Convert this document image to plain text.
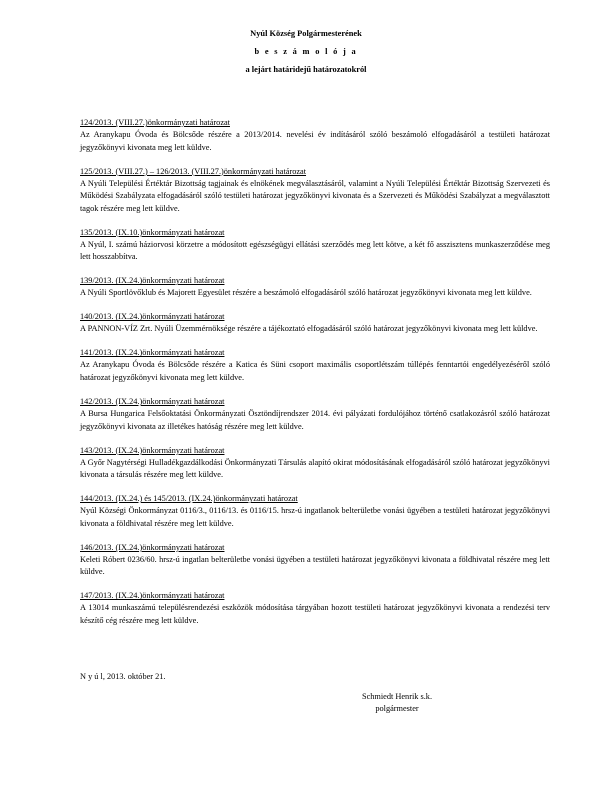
Nyúl Község Polgármesterének
b e s z á m o l ó j a
a lejárt határidejű határozatokról
124/2013. (VIII.27.)önkormányzati határozat
Az Aranykapu Óvoda és Bölcsőde részére a 2013/2014. nevelési év indításáról szóló beszámoló elfogadásáról a testületi határozat jegyzőkönyvi kivonata meg lett küldve.
125/2013. (VIII.27.) – 126/2013. (VIII.27.)önkormányzati határozat
A Nyúli Települési Értéktár Bizottság tagjainak és elnökének megválasztásáról, valamint a Nyúli Települési Értéktár Bizottság Szervezeti és Működési Szabályzata elfogadásáról szóló testületi határozat jegyzőkönyvi kivonata és a Szervezeti és Működési Szabályzat a megválasztott tagok részére meg lett küldve.
135/2013. (IX.10.)önkormányzati határozat
A Nyúl, I. számú háziorvosi körzetre a módosított egészségügyi ellátási szerződés meg lett kötve, a két fő asszisztens munkaszerződése meg lett hosszabbítva.
139/2013. (IX.24.)önkormányzati határozat
A Nyúli Sportlövőklub és Majorett Egyesület részére a beszámoló elfogadásáról szóló határozat jegyzőkönyvi kivonata meg lett küldve.
140/2013. (IX.24.)önkormányzati határozat
A PANNON-VÍZ Zrt. Nyúli Üzemmérnöksége részére a tájékoztató elfogadásáról szóló határozat jegyzőkönyvi kivonata meg lett küldve.
141/2013. (IX.24.)önkormányzati határozat
Az Aranykapu Óvoda és Bölcsőde részére a Katica és Süni csoport maximális csoportlétszám túllépés fenntartói engedélyezéséről szóló határozat jegyzőkönyvi kivonata meg lett küldve.
142/2013. (IX.24.)önkormányzati határozat
A Bursa Hungarica Felsőoktatási Önkormányzati Ösztöndíjrendszer 2014. évi pályázati fordulójához történő csatlakozásról szóló határozat jegyzőkönyvi kivonata az illetékes hatóság részére meg lett küldve.
143/2013. (IX.24.)önkormányzati határozat
A Győr Nagytérségi Hulladékgazdálkodási Önkormányzati Társulás alapító okirat módosításának elfogadásáról szóló határozat jegyzőkönyvi kivonata a társulás részére meg lett küldve.
144/2013. (IX.24.) és 145/2013. (IX.24.)önkormányzati határozat
Nyúl Községi Önkormányzat 0116/3., 0116/13. és 0116/15. hrsz-ú ingatlanok belterületbe vonási ügyében a testületi határozat jegyzőkönyvi kivonata a földhivatal részére meg lett küldve.
146/2013. (IX.24.)önkormányzati határozat
Keleti Róbert 0236/60. hrsz-ú ingatlan belterületbe vonási ügyében a testületi határozat jegyzőkönyvi kivonata a földhivatal részére meg lett küldve.
147/2013. (IX.24.)önkormányzati határozat
A 13014 munkaszámú településrendezési eszközök módosítása tárgyában hozott testületi határozat jegyzőkönyvi kivonata a rendezési terv készítő cég részére meg lett küldve.
N y ú l, 2013. október 21.
Schmiedt Henrik s.k.
polgármester
